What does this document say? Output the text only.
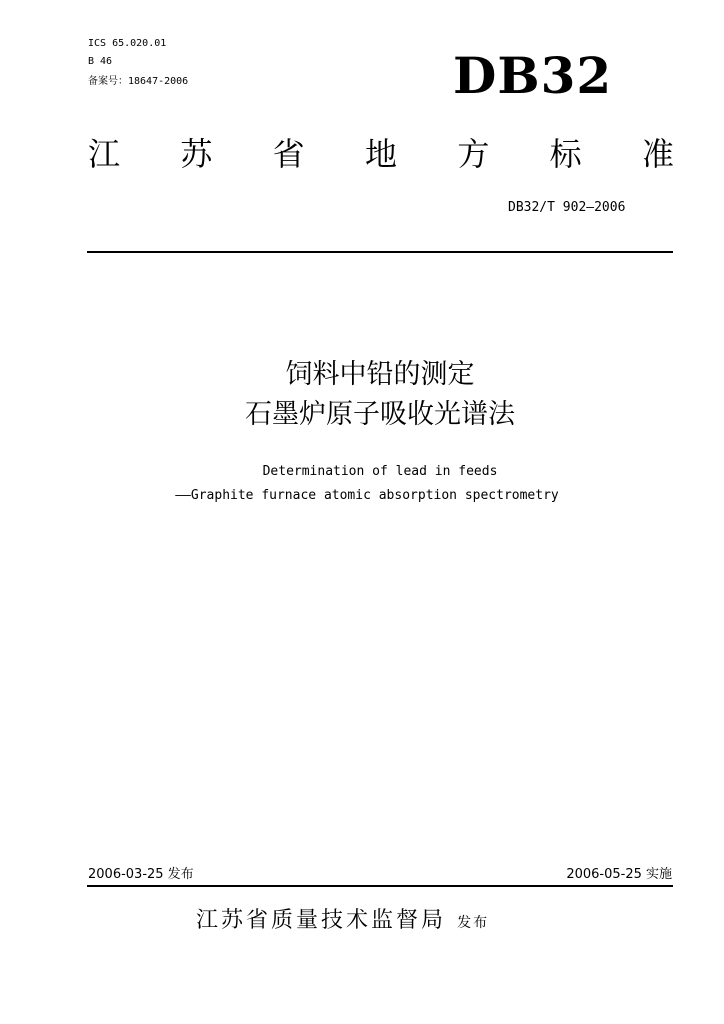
ICS 65.020.01
B 46
备案号：18647-2006	DB32
江 苏 省 地 方 标 准
DB32/T 902—2006
饲料中铅的测定
石墨炉原子吸收光谱法
Determination of lead in feeds
——Graphite furnace atomic absorption spectrometry
2006-03-25 发布	2006-05-25 实施
江苏省质量技术监督局 发布
